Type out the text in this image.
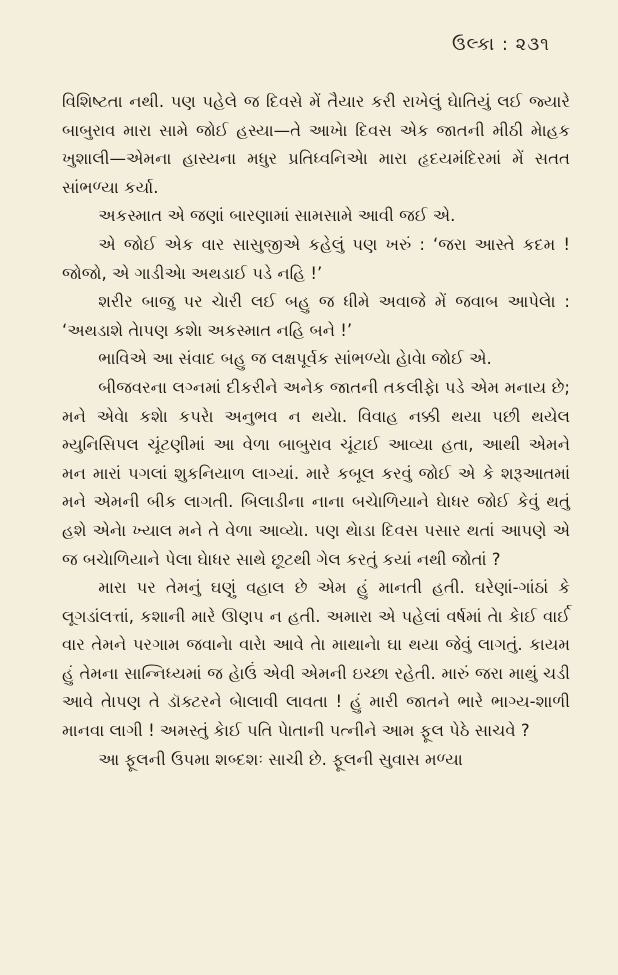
ઉલ્કા : ૨૩૧

વિશિષ્ટતા નથી. પણ પહેલે જ દિવસે મેં તૈયાર કરી રાખેલું ઘેાતિયું લઈ જ્યારે બાબુરાવ મારા સામે જોઈ હસ્યા—તે આખેા દિવસ એક જાતની મીઠી મેાહક ખુશાલી—એમના હાસ્યના મધુર પ્રતિધ્વનિએા મારા હૃદયમંદિરમાં મેં સતત સાંભળ્યા કર્યા.

અકસ્માત એ જણાં બારણામાં સામસામે આવી જઈ એ.

એ જોઈ એક વાર સાસુજીએ કહેલું પણ ખરું : ‘જરા આસ્તે કદમ ! જોજો, એ ગાડીએા અથડાઈ પડે નહિ !’

શરીર બાજુ પર ચેારી લઈ બહુ જ ધીમે અવાજે મેં જવાબ આપેલેા : ‘અથડાશે તેાપણ કશેા અકસ્માત નહિ બને !’

ભાવિએ આ સંવાદ બહુ જ લક્ષપૂર્વક સાંભળ્યેા હેાવેા જોઈ એ.

બીજવરના લગ્નમાં દીકરીને અનેક જાતની તકલીફેા પડે એમ મનાય છે; મને એવેા કશેા કપરેા અનુભવ ન થયેા. વિવાહ નક્કી થયા પછી થયેલ મ્યુનિસિપલ ચૂંટણીમાં આ વેળા બાબુરાવ ચૂંટાઈ આવ્યા હતા, આથી એમને મન મારાં પગલાં શુકનિયાળ લાગ્યાં. મારે કબૂલ કરવું જોઈ એ કે શરૂઆતમાં મને એમની બીક લાગતી. બિલાડીના નાના બચેાળિયાને ઘેાધર જોઈ કેવું થતું હશે એનેા ખ્યાલ મને તે વેળા આવ્યેા. પણ થેાડા દિવસ પસાર થતાં આપણે એ જ બચેાળિયાને પેલા ઘેાધર સાથે છૂટથી ગેલ કરતું કયાં નથી જોતાં ?

મારા પર તેમનું ઘણું વહાલ છે એમ હું માનતી હતી. ઘરેણાં-ગાંઠાં કે લૂગડાંલત્તાં, કશાની મારે ઊણપ ન હતી. અમારા એ પહેલાં વર્ષમાં તેા કેાઈ વાર્ઈ વાર તેમને પરગામ જવાનેા વારેા આવે તેા માથાનેા ઘા થયા જેવું લાગતું. કાયમ હું તેમના સાન્નિધ્યમાં જ હેાઉં એવી એમની ઇચ્છા રહેતી. મારું જરા માથું ચડી આવે તેાપણ તે ડૉક્ટરને બેાલાવી લાવતા ! હું મારી જાતને ભારે ભાગ્ય-શાળી માનવા લાગી ! અમસ્તું કેાઈ પતિ પેાતાની પત્નીને આમ ફૂલ પેઠે સાચવે ?

આ ફૂલની ઉપમા શબ્દશઃ સાચી છે. ફૂલની સુવાસ મળ્યા
